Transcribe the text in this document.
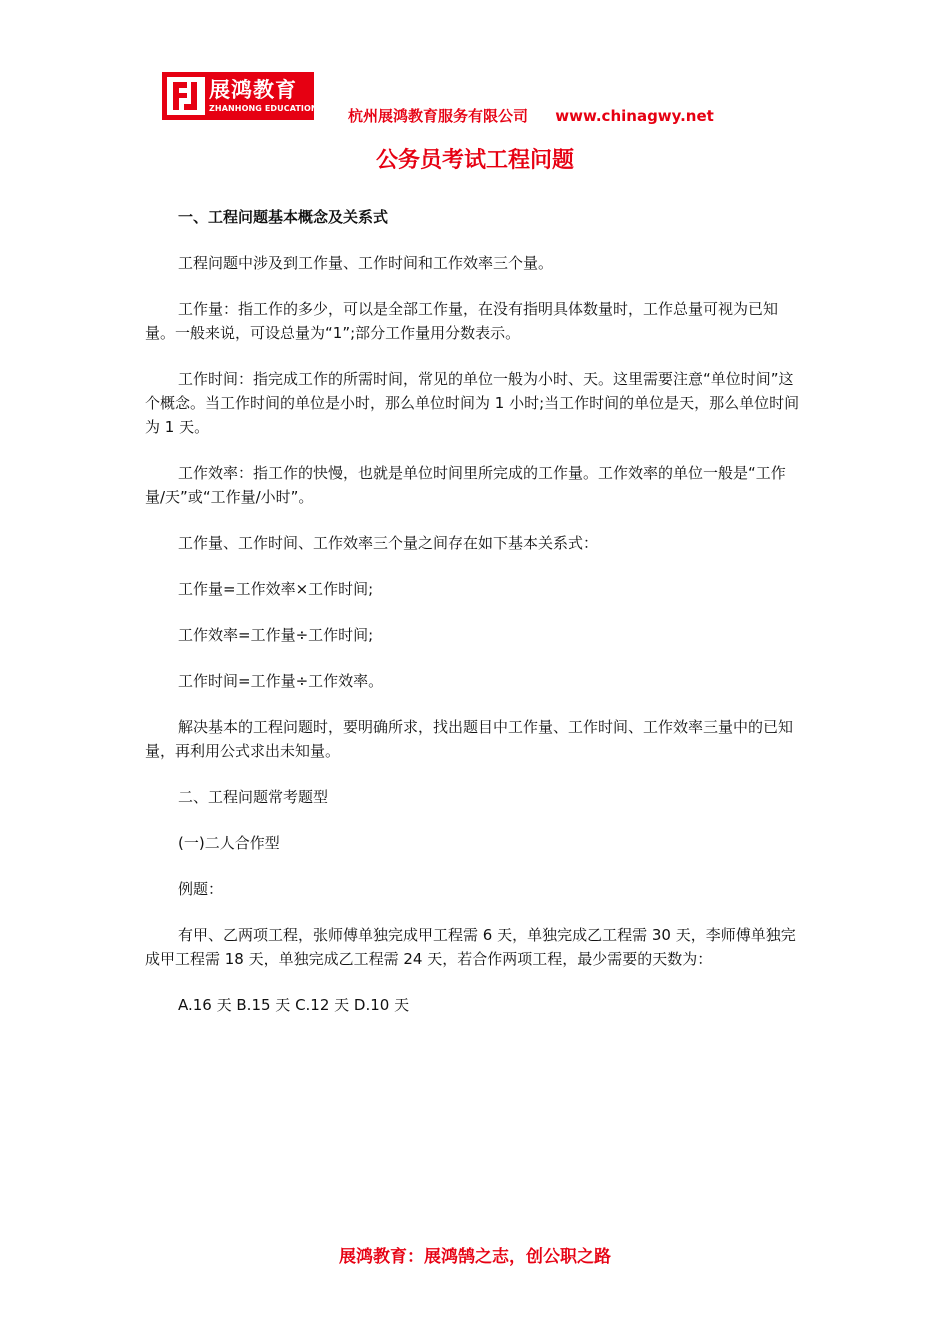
展鸿教育
ZHANHONG EDUCATION 杭州展鸿教育服务有限公司 www.chinagwy.net
公务员考试工程问题

一、工程问题基本概念及关系式

工程问题中涉及到工作量、工作时间和工作效率三个量。

工作量：指工作的多少，可以是全部工作量，在没有指明具体数量时，工作总量可视为已知量。一般来说，可设总量为“1”;部分工作量用分数表示。

工作时间：指完成工作的所需时间，常见的单位一般为小时、天。这里需要注意“单位时间”这个概念。当工作时间的单位是小时，那么单位时间为 1 小时;当工作时间的单位是天，那么单位时间为 1 天。

工作效率：指工作的快慢，也就是单位时间里所完成的工作量。工作效率的单位一般是“工作量/天”或“工作量/小时”。

工作量、工作时间、工作效率三个量之间存在如下基本关系式：

工作量=工作效率×工作时间;

工作效率=工作量÷工作时间;

工作时间=工作量÷工作效率。

解决基本的工程问题时，要明确所求，找出题目中工作量、工作时间、工作效率三量中的已知量，再利用公式求出未知量。

二、工程问题常考题型

(一)二人合作型

例题：

有甲、乙两项工程，张师傅单独完成甲工程需 6 天，单独完成乙工程需 30 天，李师傅单独完成甲工程需 18 天，单独完成乙工程需 24 天，若合作两项工程，最少需要的天数为：

A.16 天 B.15 天 C.12 天 D.10 天

展鸿教育：展鸿鹄之志，创公职之路
